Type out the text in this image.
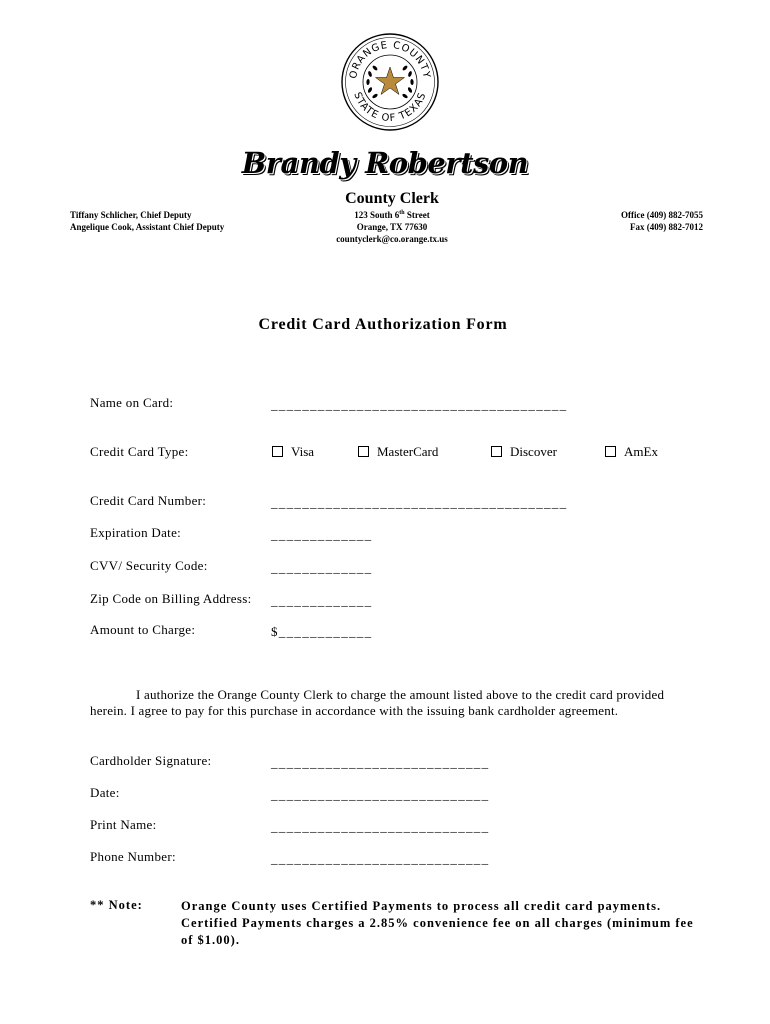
ORANGE COUNTY
STATE OF TEXAS
Brandy Robertson
County Clerk
Tiffany Schlicher, Chief Deputy
Angelique Cook, Assistant Chief Deputy
123 South 6th Street
Orange, TX 77630
countyclerk@co.orange.tx.us
Office (409) 882-7055
Fax (409) 882-7012
Credit Card Authorization Form
Name on Card:	______________________________________
Credit Card Type:	Visa	MasterCard	Discover	AmEx
Credit Card Number:	______________________________________
Expiration Date:	_____________
CVV/ Security Code:	_____________
Zip Code on Billing Address: _____________
Amount to Charge:	$____________
I authorize the Orange County Clerk to charge the amount listed above to the credit card provided herein. I agree to pay for this purchase in accordance with the issuing bank cardholder agreement.
Cardholder Signature:	____________________________
Date:	____________________________
Print Name:	____________________________
Phone Number:	____________________________
** Note:	Orange County uses Certified Payments to process all credit card payments. Certified Payments charges a 2.85% convenience fee on all charges (minimum fee of $1.00).
